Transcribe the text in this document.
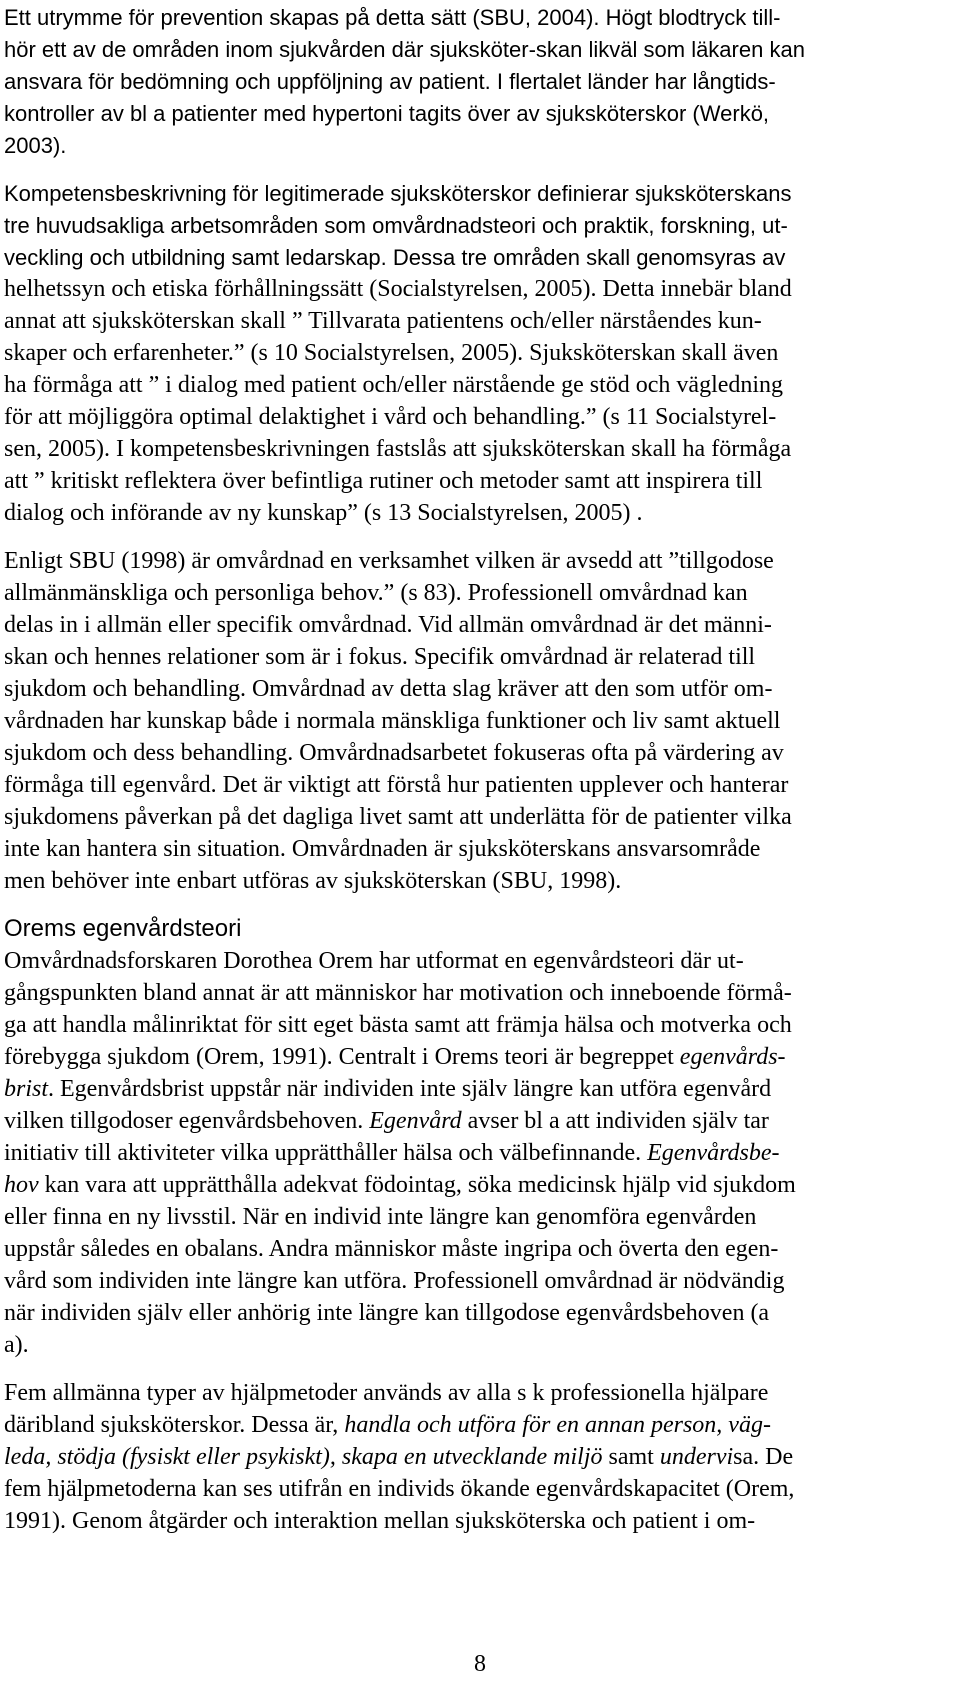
Ett utrymme för prevention skapas på detta sätt (SBU, 2004). Högt blodtryck till-
hör ett av de områden inom sjukvården där sjuksköter-skan likväl som läkaren kan
ansvara för bedömning och uppföljning av patient. I flertalet länder har långtids-
kontroller av bl a patienter med hypertoni tagits över av sjuksköterskor (Werkö,
2003).
Kompetensbeskrivning för legitimerade sjuksköterskor definierar sjuksköterskans
tre huvudsakliga arbetsområden som omvårdnadsteori och praktik, forskning, ut-
veckling och utbildning samt ledarskap. Dessa tre områden skall genomsyras av
helhetssyn och etiska förhållningssätt (Socialstyrelsen, 2005). Detta innebär bland
annat att sjuksköterskan skall ” Tillvarata patientens och/eller närståendes kun-
skaper och erfarenheter.” (s 10 Socialstyrelsen, 2005). Sjuksköterskan skall även
ha förmåga att ” i dialog med patient och/eller närstående ge stöd och vägledning
för att möjliggöra optimal delaktighet i vård och behandling.” (s 11 Socialstyrel-
sen, 2005). I kompetensbeskrivningen fastslås att sjuksköterskan skall ha förmåga
att ” kritiskt reflektera över befintliga rutiner och metoder samt att inspirera till
dialog och införande av ny kunskap” (s 13 Socialstyrelsen, 2005) .
Enligt SBU (1998) är omvårdnad en verksamhet vilken är avsedd att ”tillgodose
allmänmänskliga och personliga behov.” (s 83). Professionell omvårdnad kan
delas in i allmän eller specifik omvårdnad. Vid allmän omvårdnad är det männi-
skan och hennes relationer som är i fokus. Specifik omvårdnad är relaterad till
sjukdom och behandling. Omvårdnad av detta slag kräver att den som utför om-
vårdnaden har kunskap både i normala mänskliga funktioner och liv samt aktuell
sjukdom och dess behandling. Omvårdnadsarbetet fokuseras ofta på värdering av
förmåga till egenvård. Det är viktigt att förstå hur patienten upplever och hanterar
sjukdomens påverkan på det dagliga livet samt att underlätta för de patienter vilka
inte kan hantera sin situation. Omvårdnaden är sjuksköterskans ansvarsområde
men behöver inte enbart utföras av sjuksköterskan (SBU, 1998).
Orems egenvårdsteori
Omvårdnadsforskaren Dorothea Orem har utformat en egenvårdsteori där ut-
gångspunkten bland annat är att människor har motivation och inneboende förmå-
ga att handla målinriktat för sitt eget bästa samt att främja hälsa och motverka och
förebygga sjukdom (Orem, 1991). Centralt i Orems teori är begreppet egenvårds-
brist. Egenvårdsbrist uppstår när individen inte själv längre kan utföra egenvård
vilken tillgodoser egenvårdsbehoven. Egenvård avser bl a att individen själv tar
initiativ till aktiviteter vilka upprätthåller hälsa och välbefinnande. Egenvårdsbe-
hov kan vara att upprätthålla adekvat födointag, söka medicinsk hjälp vid sjukdom
eller finna en ny livsstil. När en individ inte längre kan genomföra egenvården
uppstår således en obalans. Andra människor måste ingripa och överta den egen-
vård som individen inte längre kan utföra. Professionell omvårdnad är nödvändig
när individen själv eller anhörig inte längre kan tillgodose egenvårdsbehoven (a
a).
Fem allmänna typer av hjälpmetoder används av alla s k professionella hjälpare
däribland sjuksköterskor. Dessa är, handla och utföra för en annan person, väg-
leda, stödja (fysiskt eller psykiskt), skapa en utvecklande miljö samt undervisa. De
fem hjälpmetoderna kan ses utifrån en individs ökande egenvårdskapacitet (Orem,
1991). Genom åtgärder och interaktion mellan sjuksköterska och patient i om-
8
